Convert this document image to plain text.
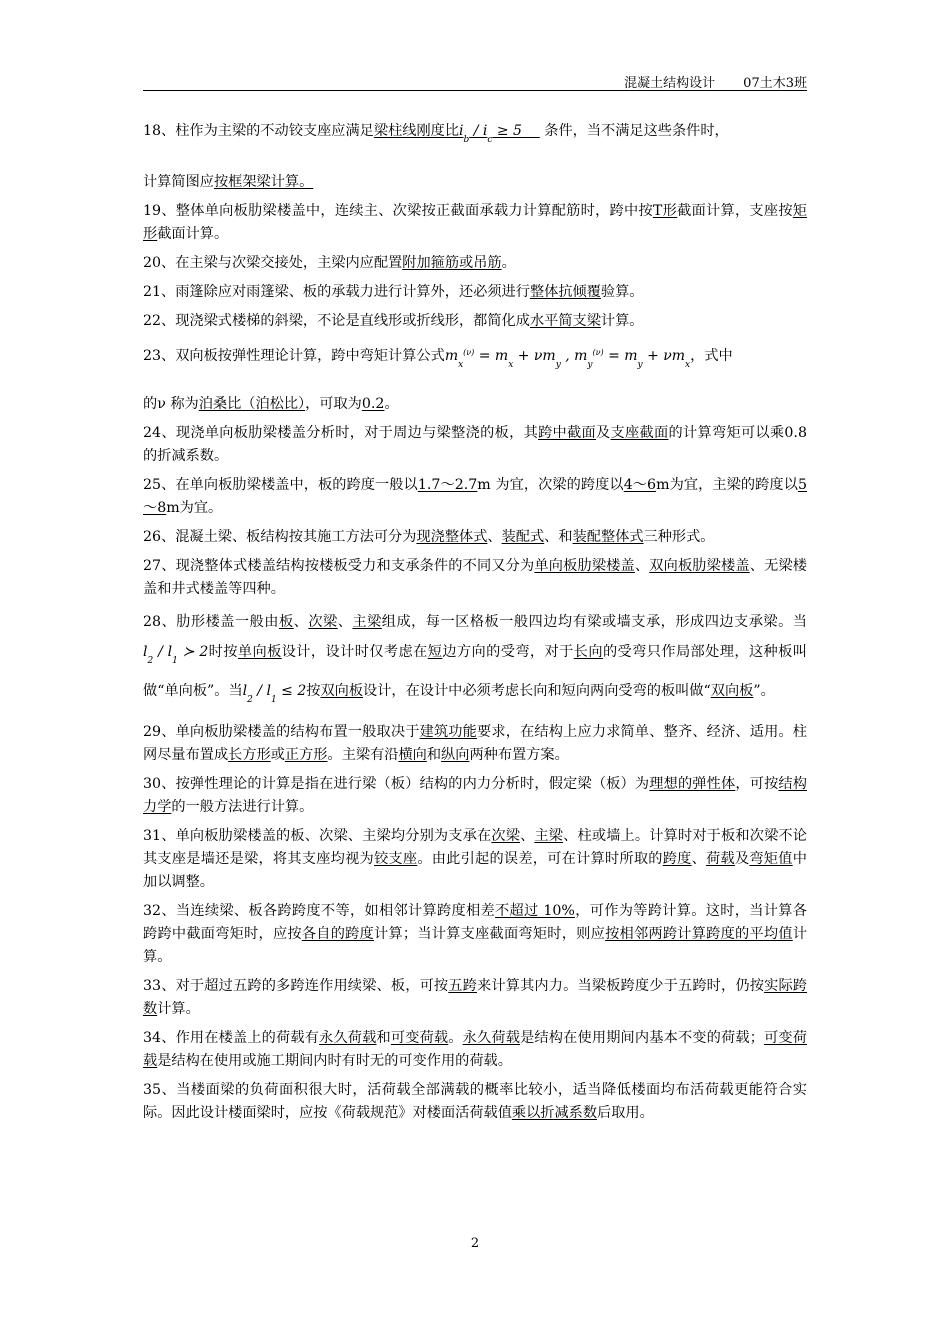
混凝土结构设计 07土木3班

18、柱作为主梁的不动铰支座应满足梁柱线刚度比$i_b / i_c \ge 5$     条件，当不满足这些条件时，

计算简图应按框架梁计算。

19、整体单向板肋梁楼盖中，连续主、次梁按正截面承载力计算配筋时，跨中按T形截面计算，支座按矩形截面计算。

20、在主梁与次梁交接处，主梁内应配置附加箍筋或吊筋。

21、雨篷除应对雨篷梁、板的承载力进行计算外，还必须进行整体抗倾覆验算。

22、现浇梁式楼梯的斜梁，不论是直线形或折线形，都简化成水平简支梁计算。

23、双向板按弹性理论计算，跨中弯矩计算公式$m_x^{(\nu)} = m_x + \nu m_y$ , $m_y^{(\nu)} = m_y + \nu m_x$，式中

的ν 称为泊桑比（泊松比），可取为0.2。

24、现浇单向板肋梁楼盖分析时，对于周边与梁整浇的板，其跨中截面及支座截面的计算弯矩可以乘0.8的折减系数。

25、在单向板肋梁楼盖中，板的跨度一般以1.7～2.7m 为宜，次梁的跨度以4～6m为宜，主梁的跨度以5～8m为宜。

26、混凝土梁、板结构按其施工方法可分为现浇整体式、装配式、和装配整体式三种形式。

27、现浇整体式楼盖结构按楼板受力和支承条件的不同又分为单向板肋梁楼盖、双向板肋梁楼盖、无梁楼盖和井式楼盖等四种。

28、肋形楼盖一般由板、次梁、主梁组成，每一区格板一般四边均有梁或墙支承，形成四边支承梁。当$l_2 / l_1$ ≻ 2时按单向板设计，设计时仅考虑在短边方向的受弯，对于长向的受弯只作局部处理，这种板叫做“单向板”。当$l_2 / l_1 \le 2$按双向板设计，在设计中必须考虑长向和短向两向受弯的板叫做“双向板”。

29、单向板肋梁楼盖的结构布置一般取决于建筑功能要求，在结构上应力求简单、整齐、经济、适用。柱网尽量布置成长方形或正方形。主梁有沿横向和纵向两种布置方案。

30、按弹性理论的计算是指在进行梁（板）结构的内力分析时，假定梁（板）为理想的弹性体，可按结构力学的一般方法进行计算。

31、单向板肋梁楼盖的板、次梁、主梁均分别为支承在次梁、主梁、柱或墙上。计算时对于板和次梁不论其支座是墙还是梁，将其支座均视为铰支座。由此引起的误差，可在计算时所取的跨度、荷载及弯矩值中加以调整。

32、当连续梁、板各跨跨度不等，如相邻计算跨度相差不超过 10%，可作为等跨计算。这时，当计算各跨跨中截面弯矩时，应按各自的跨度计算；当计算支座截面弯矩时，则应按相邻两跨计算跨度的平均值计算。

33、对于超过五跨的多跨连作用续梁、板，可按五跨来计算其内力。当梁板跨度少于五跨时，仍按实际跨数计算。

34、作用在楼盖上的荷载有永久荷载和可变荷载。永久荷载是结构在使用期间内基本不变的荷载；可变荷载是结构在使用或施工期间内时有时无的可变作用的荷载。

35、当楼面梁的负荷面积很大时，活荷载全部满载的概率比较小，适当降低楼面均布活荷载更能符合实际。因此设计楼面梁时，应按《荷载规范》对楼面活荷载值乘以折减系数后取用。

2
